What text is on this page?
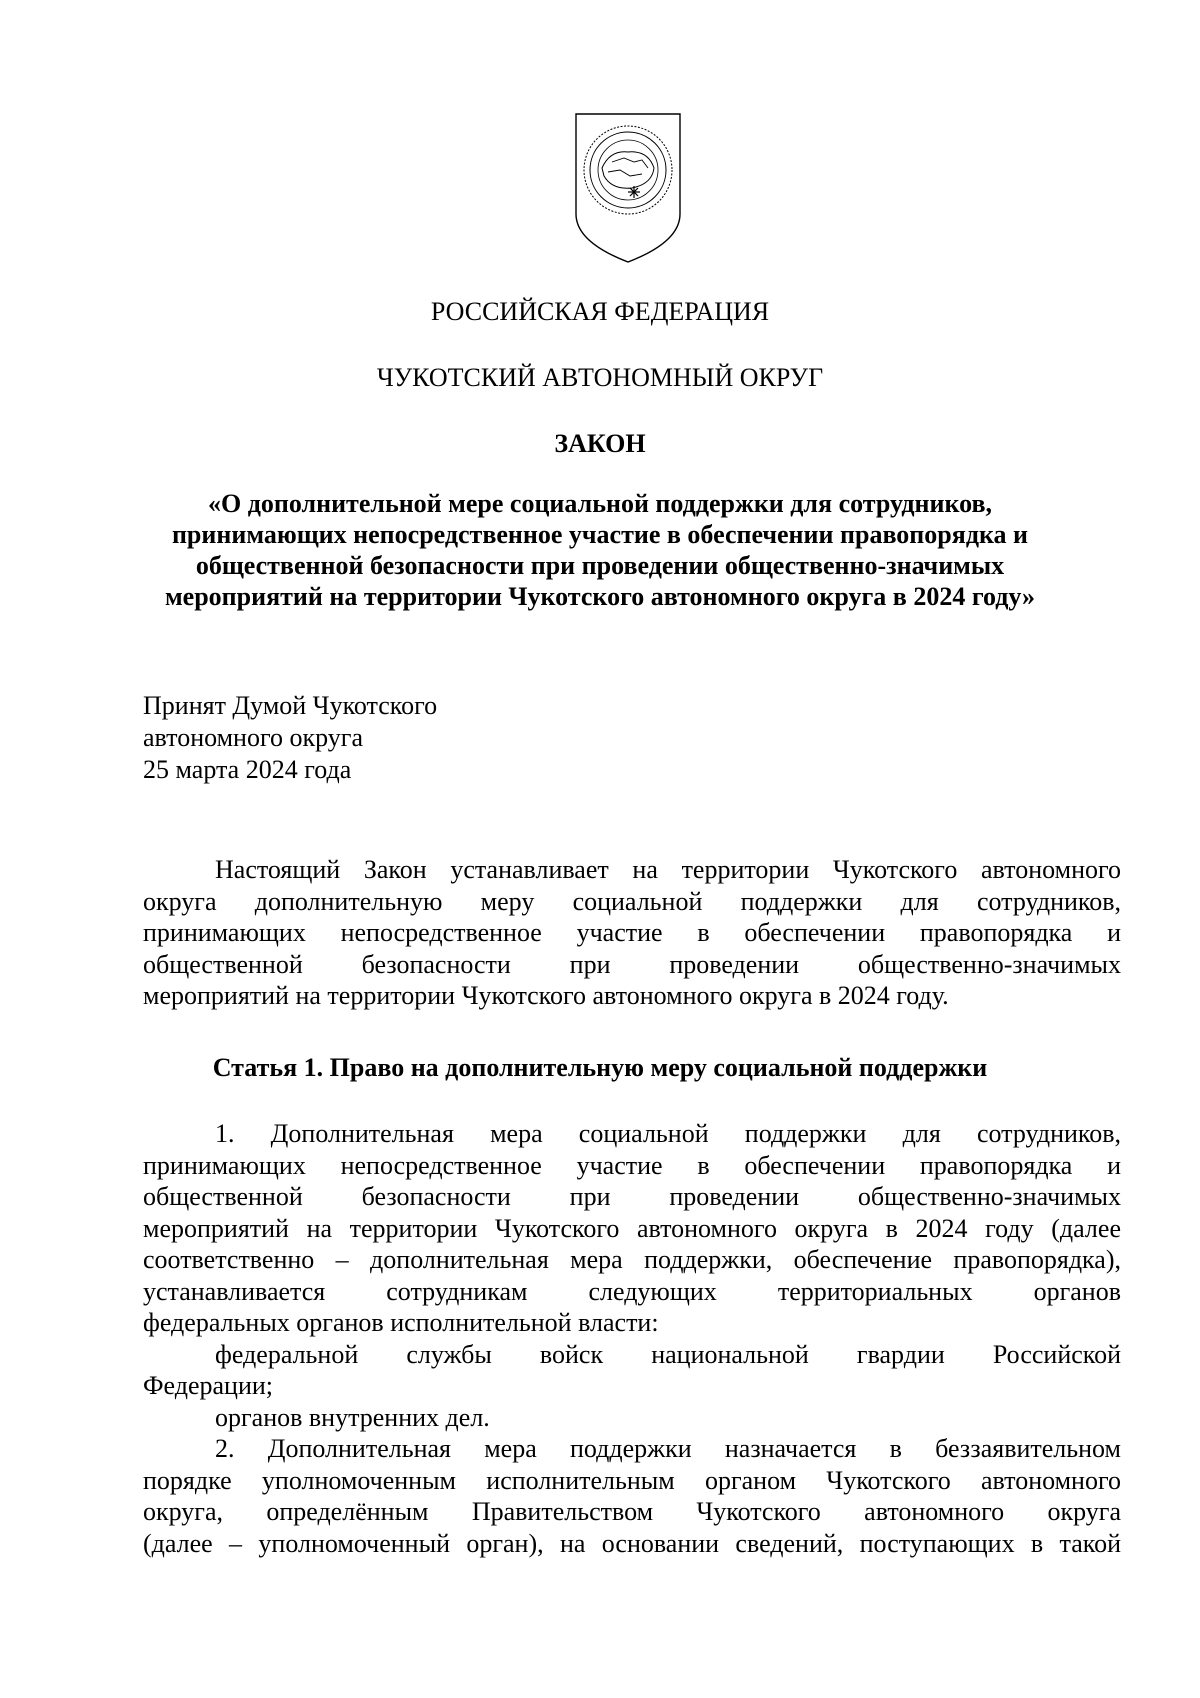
РОССИЙСКАЯ ФЕДЕРАЦИЯ
ЧУКОТСКИЙ АВТОНОМНЫЙ ОКРУГ
ЗАКОН
«О дополнительной мере социальной поддержки для сотрудников,
принимающих непосредственное участие в обеспечении правопорядка и
общественной безопасности при проведении общественно-значимых
мероприятий на территории Чукотского автономного округа в 2024 году»
Принят Думой Чукотского
автономного округа
25 марта 2024 года
Настоящий Закон устанавливает на территории Чукотского автономного
округа дополнительную меру социальной поддержки для сотрудников,
принимающих непосредственное участие в обеспечении правопорядка и
общественной безопасности при проведении общественно-значимых
мероприятий на территории Чукотского автономного округа в 2024 году.
Статья 1. Право на дополнительную меру социальной поддержки
1. Дополнительная мера социальной поддержки для сотрудников,
принимающих непосредственное участие в обеспечении правопорядка и
общественной безопасности при проведении общественно-значимых
мероприятий на территории Чукотского автономного округа в 2024 году (далее
соответственно – дополнительная мера поддержки, обеспечение правопорядка),
устанавливается сотрудникам следующих территориальных органов
федеральных органов исполнительной власти:
федеральной службы войск национальной гвардии Российской
Федерации;
органов внутренних дел.
2. Дополнительная мера поддержки назначается в беззаявительном
порядке уполномоченным исполнительным органом Чукотского автономного
округа, определённым Правительством Чукотского автономного округа
(далее – уполномоченный орган), на основании сведений, поступающих в такой
